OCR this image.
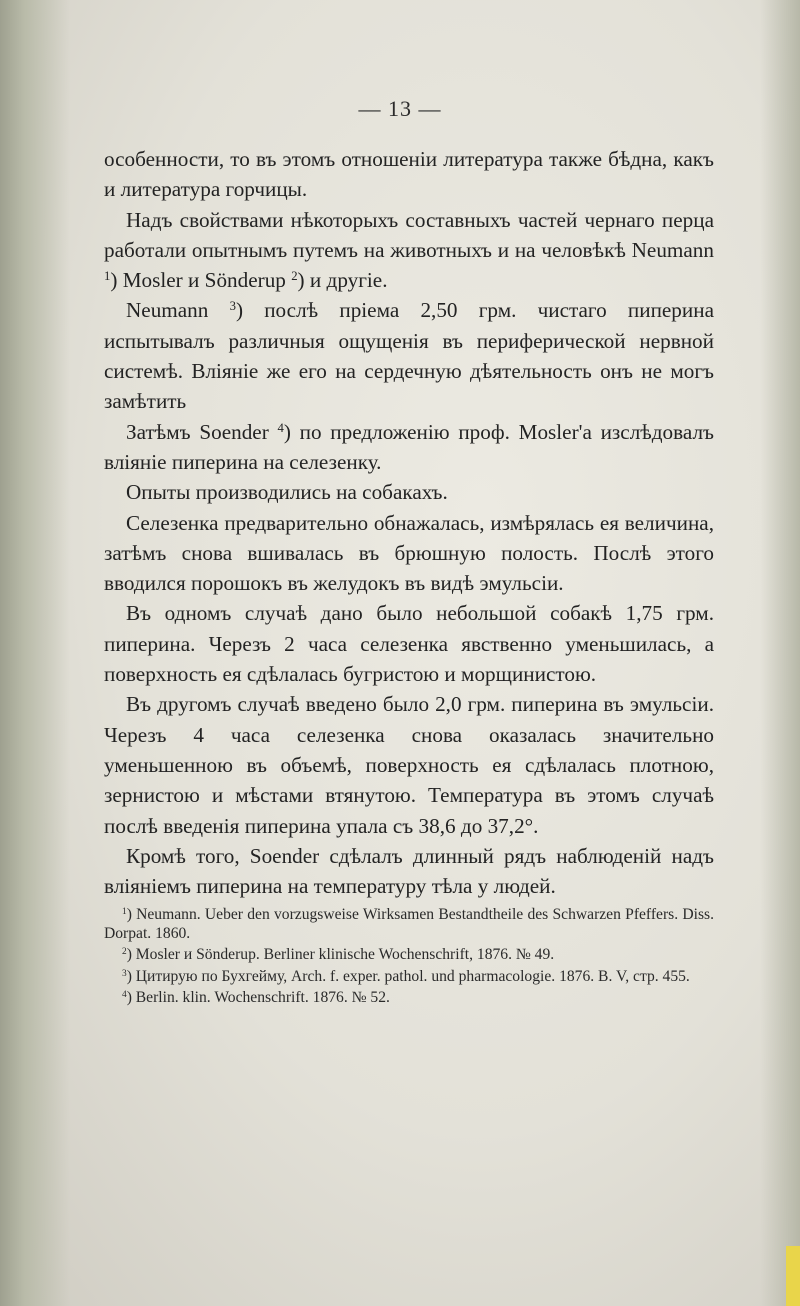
— 13 —

особенности, то въ этомъ отношеніи литература также бѣдна, какъ и литература горчицы.

Надъ свойствами нѣкоторыхъ составныхъ частей чернаго перца работали опытнымъ путемъ на животныхъ и на человѣкѣ Neumann $^1$) Mosler и Sönderup $^2$) и другіе.

Neumann $^3$) послѣ пріема 2,50 грм. чистаго пиперина испытывалъ различныя ощущенія въ периферической нервной системѣ. Вліяніе же его на сердечную дѣятельность онъ не могъ замѣтить

Затѣмъ Soender $^4$) по предложенію проф. Mosler'а изслѣдовалъ вліяніе пиперина на селезенку.

Опыты производились на собакахъ.

Селезенка предварительно обнажалась, измѣрялась ея величина, затѣмъ снова вшивалась въ брюшную полость. Послѣ этого вводился порошокъ въ желудокъ въ видѣ эмульсіи.

Въ одномъ случаѣ дано было небольшой собакѣ 1,75 грм. пиперина. Черезъ 2 часа селезенка явственно уменьшилась, а поверхность ея сдѣлалась бугристою и морщинистою.

Въ другомъ случаѣ введено было 2,0 грм. пиперина въ эмульсіи. Черезъ 4 часа селезенка снова оказалась значительно уменьшенною въ объемѣ, поверхность ея сдѣлалась плотною, зернистою и мѣстами втянутою. Температура въ этомъ случаѣ послѣ введенія пиперина упала съ 38,6 до 37,2°.

Кромѣ того, Soender сдѣлалъ длинный рядъ наблюденій надъ вліяніемъ пиперина на температуру тѣла у людей.

$^1$) Neumann. Ueber den vorzugsweise Wirksamen Bestandtheile des Schwarzen Pfeffers. Diss. Dorpat. 1860.

$^2$) Mosler и Sönderup. Berliner klinische Wochenschrift, 1876. № 49.

$^3$) Цитирую по Бухгейму, Arch. f. exper. pathol. und pharmacologie. 1876. B. V, стр. 455.

$^4$) Berlin. klin. Wochenschrift. 1876. № 52.
